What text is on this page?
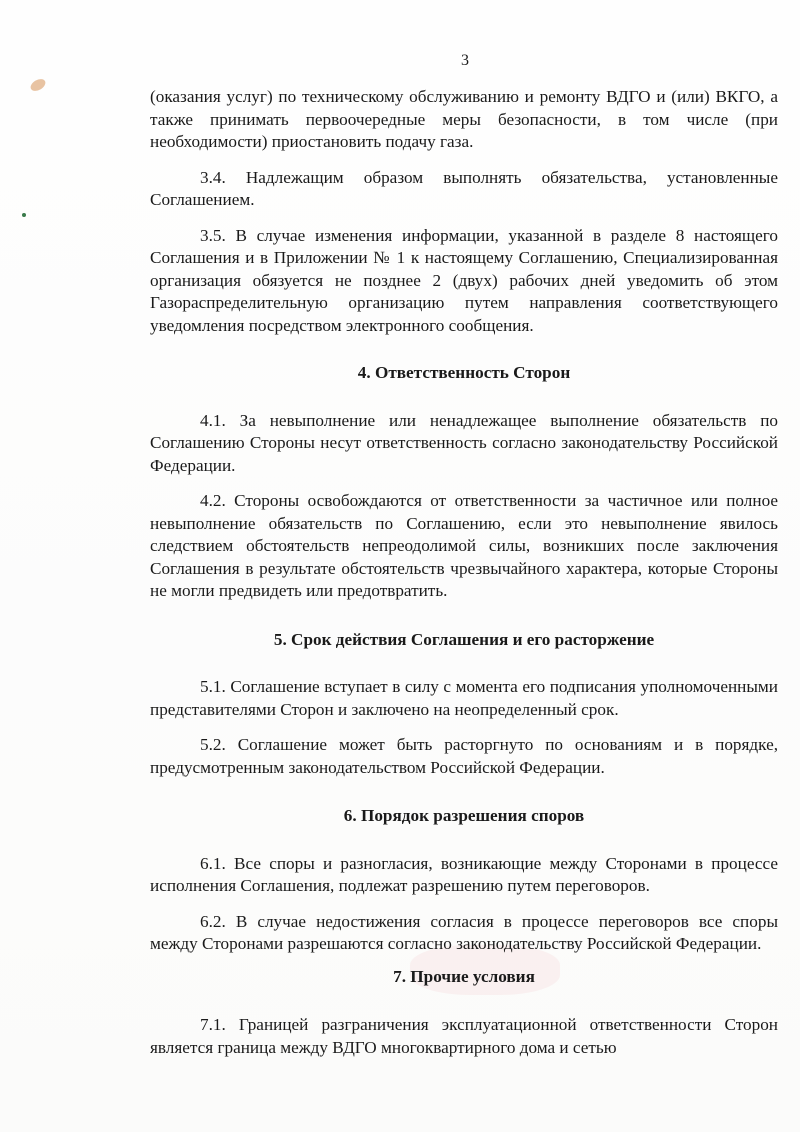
3

(оказания услуг) по техническому обслуживанию и ремонту ВДГО и (или) ВКГО, а также принимать первоочередные меры безопасности, в том числе (при необходимости) приостановить подачу газа.

3.4. Надлежащим образом выполнять обязательства, установленные Соглашением.

3.5. В случае изменения информации, указанной в разделе 8 настоящего Соглашения и в Приложении № 1 к настоящему Соглашению, Специализированная организация обязуется не позднее 2 (двух) рабочих дней уведомить об этом Газораспределительную организацию путем направления соответствующего уведомления посредством электронного сообщения.

4. Ответственность Сторон

4.1. За невыполнение или ненадлежащее выполнение обязательств по Соглашению Стороны несут ответственность согласно законодательству Российской Федерации.

4.2. Стороны освобождаются от ответственности за частичное или полное невыполнение обязательств по Соглашению, если это невыполнение явилось следствием обстоятельств непреодолимой силы, возникших после заключения Соглашения в результате обстоятельств чрезвычайного характера, которые Стороны не могли предвидеть или предотвратить.

5. Срок действия Соглашения и его расторжение

5.1. Соглашение вступает в силу с момента его подписания уполномоченными представителями Сторон и заключено на неопределенный срок.

5.2. Соглашение может быть расторгнуто по основаниям и в порядке, предусмотренным законодательством Российской Федерации.

6. Порядок разрешения споров

6.1. Все споры и разногласия, возникающие между Сторонами в процессе исполнения Соглашения, подлежат разрешению путем переговоров.

6.2. В случае недостижения согласия в процессе переговоров все споры между Сторонами разрешаются согласно законодательству Российской Федерации.

7. Прочие условия

7.1. Границей разграничения эксплуатационной ответственности Сторон является граница между ВДГО многоквартирного дома и сетью
